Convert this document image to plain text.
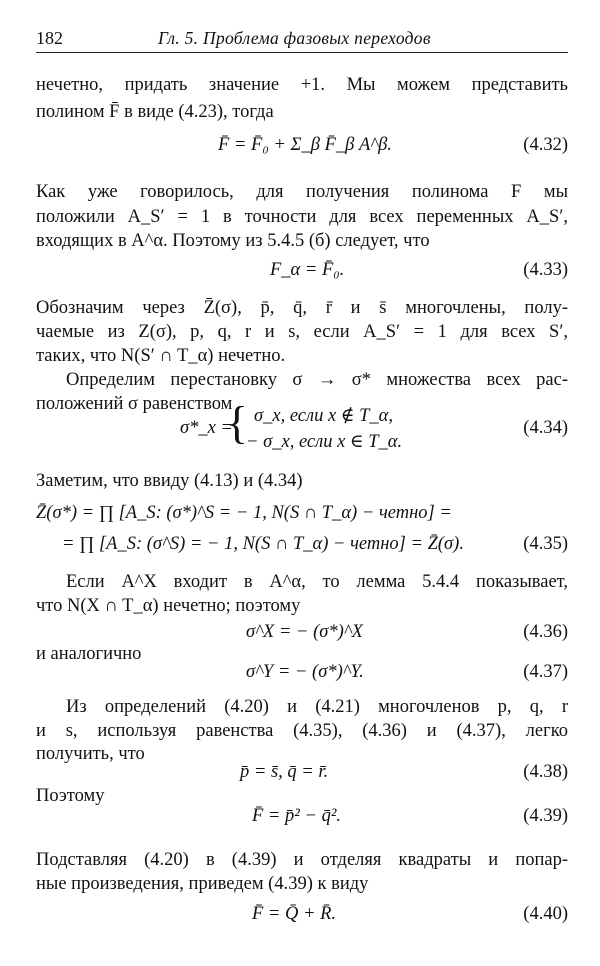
182	Гл. 5. Проблема фазовых переходов
нечетно, придать значение +1. Мы можем представить
полином F̄ в виде (4.23), тогда
F̄ = F̄₀ + Σ_β F̄_β A^β.	(4.32)
Как уже говорилось, для получения полинома F мы
положили A_S′ = 1 в точности для всех переменных A_S′,
входящих в A^α. Поэтому из 5.4.5 (б) следует, что
F_α = F̄₀.	(4.33)
Обозначим через Z̄(σ), p̄, q̄, r̄ и s̄ многочлены, полу-
чаемые из Z(σ), p, q, r и s, если A_S′ = 1 для всех S′,
таких, что N(S′ ∩ T_α) нечетно.
Определим перестановку σ → σ* множества всех рас-
положений σ равенством
σ*_x =
{ σ_x, если x ∉ T_α,
− σ_x, если x ∈ T_α.
(4.34)
Заметим, что ввиду (4.13) и (4.34)
Z̄(σ*) = ∏ [A_S: (σ*)^S = − 1, N(S ∩ T_α) − четно] =
= ∏ [A_S: (σ^S) = − 1, N(S ∩ T_α) − четно] = Z̄(σ).	(4.35)
Если A^X входит в A^α, то лемма 5.4.4 показывает,
что N(X ∩ T_α) нечетно; поэтому
σ^X = − (σ*)^X	(4.36)
и аналогично
σ^Y = − (σ*)^Y.	(4.37)
Из определений (4.20) и (4.21) многочленов p, q, r
и s, используя равенства (4.35), (4.36) и (4.37), легко
получить, что
p̄ = s̄, q̄ = r̄.	(4.38)
Поэтому
F̄ = p̄² − q̄².	(4.39)
Подставляя (4.20) в (4.39) и отделяя квадраты и попар-
ные произведения, приведем (4.39) к виду
F̄ = Q̄ + R̄.	(4.40)
